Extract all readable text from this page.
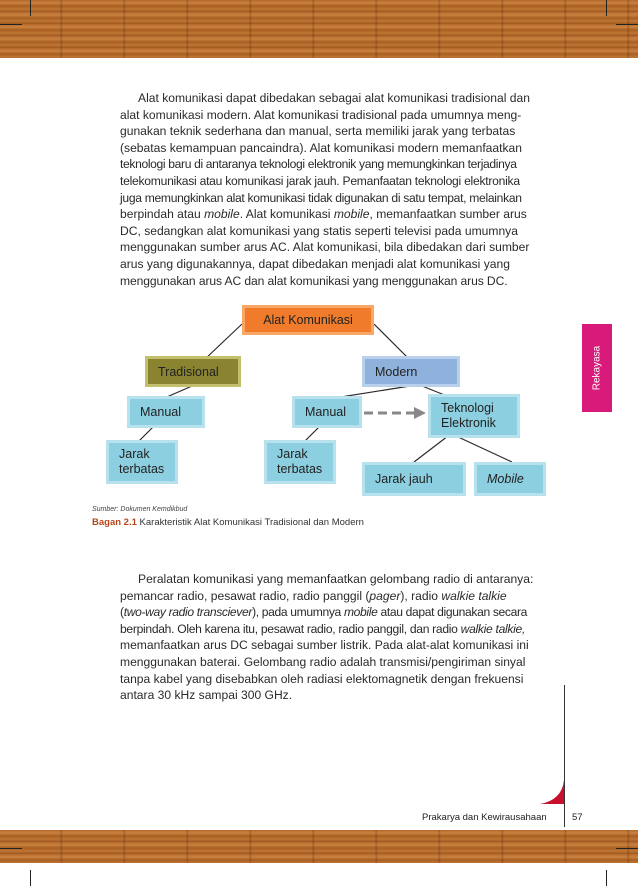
Rekayasa
Alat komunikasi dapat dibedakan sebagai alat komunikasi tradisional dan
alat komunikasi modern. Alat komunikasi tradisional pada umumnya meng-
gunakan teknik sederhana dan manual, serta memiliki jarak yang terbatas
(sebatas kemampuan pancaindra). Alat komunikasi modern memanfaatkan
teknologi baru di antaranya teknologi elektronik yang memungkinkan terjadinya
telekomunikasi atau komunikasi jarak jauh. Pemanfaatan teknologi elektronika
juga memungkinkan alat komunikasi tidak digunakan di satu tempat, melainkan
berpindah atau mobile. Alat komunikasi mobile, memanfaatkan sumber arus
DC, sedangkan alat komunikasi yang statis seperti televisi pada umumnya
menggunakan sumber arus AC. Alat komunikasi, bila dibedakan dari sumber
arus yang digunakannya, dapat dibedakan menjadi alat komunikasi yang
menggunakan arus AC dan alat komunikasi yang menggunakan arus DC.
Alat Komunikasi
Tradisional	Modern
Manual	Manual	Teknologi
Elektronik
Jarak
terbatas
Jarak
terbatas
Jarak jauh	Mobile
Sumber: Dokumen Kemdikbud
Bagan 2.1 Karakteristik Alat Komunikasi Tradisional dan Modern
Peralatan komunikasi yang memanfaatkan gelombang radio di antaranya:
pemancar radio, pesawat radio, radio panggil (pager), radio walkie talkie
(two-way radio transciever), pada umumnya mobile atau dapat digunakan secara
berpindah. Oleh karena itu, pesawat radio, radio panggil, dan radio walkie talkie,
memanfaatkan arus DC sebagai sumber listrik. Pada alat-alat komunikasi ini
menggunakan baterai. Gelombang radio adalah transmisi/pengiriman sinyal
tanpa kabel yang disebabkan oleh radiasi elektomagnetik dengan frekuensi
antara 30 kHz sampai 300 GHz.
Prakarya dan Kewirausahaan	57
